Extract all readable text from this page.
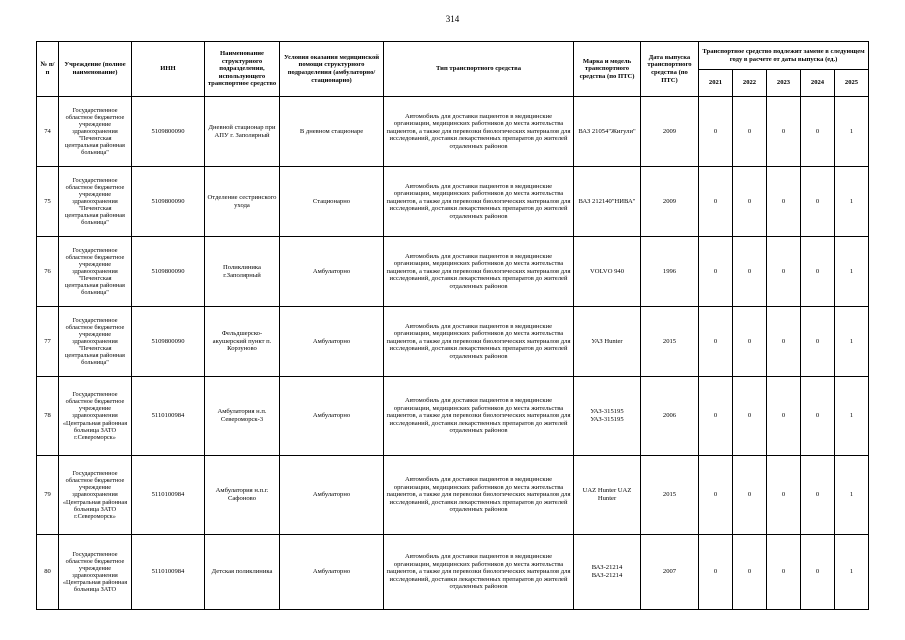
314
№ п/п	Учреждение (полное наименование)	ИНН	Наименование структурного подразделения, использующего транспортное средство	Условия оказания медицинской помощи структурного подразделения (амбулаторно/стационарно)	Тип транспортного средства	Марка и модель транспортного средства (по ПТС)	Дата выпуска транспортного средства (по ПТС)	Транспортное средство подлежит замене в следующем году в расчете от даты выпуска (ед.)				
								2021	2022	2023	2024	2025
74	Государственное областное бюджетное учреждение здравоохранения "Печенгская центральная районная больница"	5109800090	Дневной стационар при АПУ г. Заполярный	В дневном стационаре	Автомобиль для доставки пациентов в медицинские организации, медицинских работников до места жительства пациентов, а также для перевозки биологических материалов для исследований, доставки лекарственных препаратов до жителей отдаленных районов	ВАЗ 21054"Жигули"	2009	0	0	0	0	1
75	Государственное областное бюджетное учреждение здравоохранения "Печенгская центральная районная больница"	5109800090	Отделение сестринского ухода	Стационарно	Автомобиль для доставки пациентов в медицинские организации, медицинских работников до места жительства пациентов, а также для перевозки биологических материалов для исследований, доставки лекарственных препаратов до жителей отдаленных районов	ВАЗ 212140"НИВА"	2009	0	0	0	0	1
76	Государственное областное бюджетное учреждение здравоохранения "Печенгская центральная районная больница"	5109800090	Поликлиника г.Заполярный	Амбулаторно	Автомобиль для доставки пациентов в медицинские организации, медицинских работников до места жительства пациентов, а также для перевозки биологических материалов для исследований, доставки лекарственных препаратов до жителей отдаленных районов	VOLVO 940	1996	0	0	0	0	1
77	Государственное областное бюджетное учреждение здравоохранения "Печенгская центральная районная больница"	5109800090	Фельдшерско-акушерский пункт п. Корзуново	Амбулаторно	Автомобиль для доставки пациентов в медицинские организации, медицинских работников до места жительства пациентов, а также для перевозки биологических материалов для исследований, доставки лекарственных препаратов до жителей отдаленных районов	УАЗ Hunter	2015	0	0	0	0	1
78	Государственное областное бюджетное учреждение здравоохранения «Центральная районная больница ЗАТО г.Североморск»	5110100984	Амбулатория н.п. Североморск-3	Амбулаторно	Автомобиль для доставки пациентов в медицинские организации, медицинских работников до места жительства пациентов, а также для перевозки биологических материалов для исследований, доставки лекарственных препаратов до жителей отдаленных районов	УАЗ-315195 УАЗ-315195	2006	0	0	0	0	1
79	Государственное областное бюджетное учреждение здравоохранения «Центральная районная больница ЗАТО г.Североморск»	5110100984	Амбулатория н.п.г. Сафоново	Амбулаторно	Автомобиль для доставки пациентов в медицинские организации, медицинских работников до места жительства пациентов, а также для перевозки биологических материалов для исследований, доставки лекарственных препаратов до жителей отдаленных районов	UAZ Hunter UAZ Hunter	2015	0	0	0	0	1
80	Государственное областное бюджетное учреждение здравоохранения «Центральная районная больница ЗАТО	5110100984	Детская поликлиника	Амбулаторно	Автомобиль для доставки пациентов в медицинские организации, медицинских работников до места жительства пациентов, а также для перевозки биологических материалов для исследований, доставки лекарственных препаратов до жителей отдаленных районов	ВАЗ-21214 ВАЗ-21214	2007	0	0	0	0	1
